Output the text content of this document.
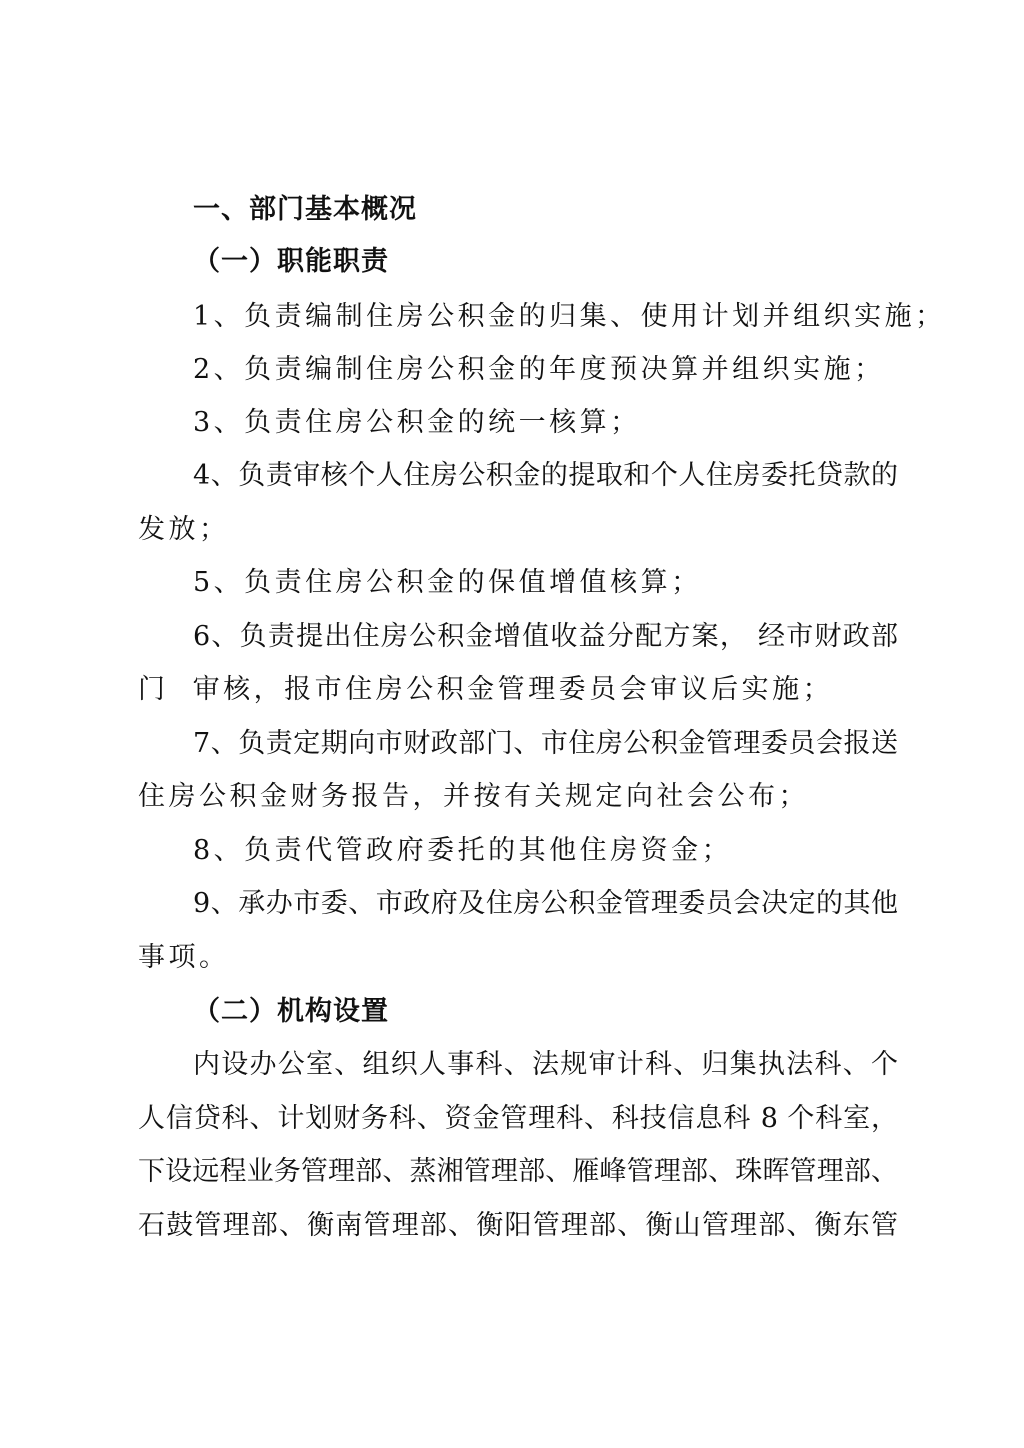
一、部门基本概况
（一）职能职责
1、负责编制住房公积金的归集、使用计划并组织实施；
2、负责编制住房公积金的年度预决算并组织实施；
3、负责住房公积金的统一核算；
4、负责审核个人住房公积金的提取和个人住房委托贷款的
发放；
5、负责住房公积金的保值增值核算；
6、负责提出住房公积金增值收益分配方案， 经市财政部
门  审核，报市住房公积金管理委员会审议后实施；
7、负责定期向市财政部门、市住房公积金管理委员会报送
住房公积金财务报告，并按有关规定向社会公布；
8、负责代管政府委托的其他住房资金；
9、承办市委、市政府及住房公积金管理委员会决定的其他
事项。
（二）机构设置
内设办公室、组织人事科、法规审计科、归集执法科、个
人信贷科、计划财务科、资金管理科、科技信息科 8 个科室，
下设远程业务管理部、蒸湘管理部、雁峰管理部、珠晖管理部、
石鼓管理部、衡南管理部、衡阳管理部、衡山管理部、衡东管
